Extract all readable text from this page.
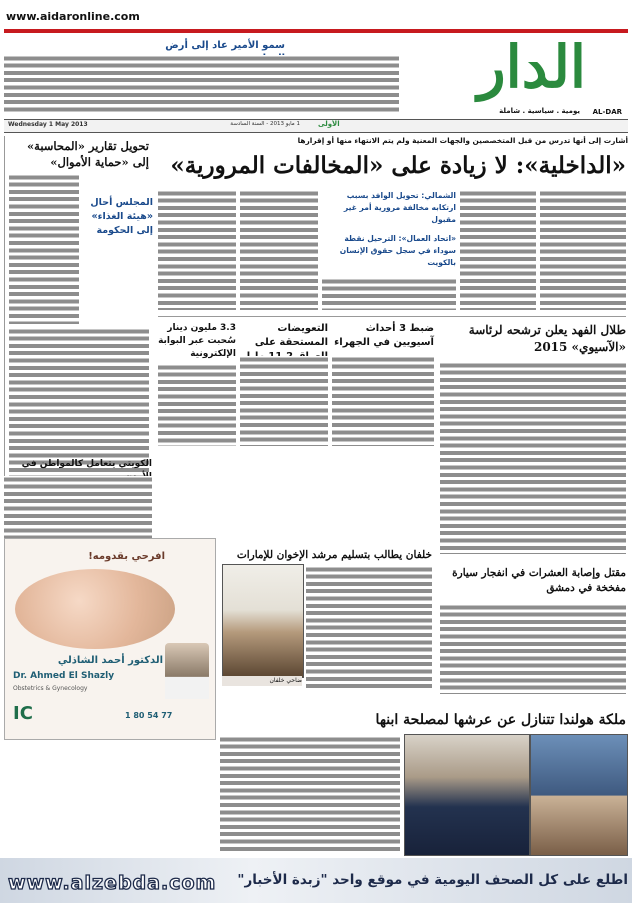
www.aidaronline.com
سمو الأمير عاد إلى أرض	الدار
AL-DAR
يومية . سياسية . شاملة
Wednesday 1 May 2013	1 مايو 2013 - السنة السادسة	الأولى
أشارت إلى أنها تدرس من قبل المتخصصين والجهات المعنية ولم يتم الانتهاء منها أو إقرارها
«الداخلية»: لا زيادة على «المخالفات المرورية»
تحويل تقارير «المحاسبة» إلى «حماية الأموال»
المجلس أحال «هيئة الغذاء» إلى الحكومة
الشمالي: تحويل الوافد بسبب ارتكابه مخالفة مرورية أمر غير مقبول
«اتحاد العمال»: الترحيل نقطة سوداء في سجل حقوق الإنسان بالكويت
طلال الفهد يعلن ترشحه لرئاسة «الآسيوي» 2015
ضبط 3 أحداث آسيويين في الجهراء
التعويضات المستحقة على
3.3 مليون دينار سُحبت عبر البوابة الإلكترونية
الكويتي يتعامل كالمواطن في
خلفان يطالب بتسليم مرشد الإخوان للإمارات
ضاحي خلفان
مقتل وإصابة العشرات في انفجار سيارة مفخخة في دمشق
افرحي بقدومه!
الدكتور أحمد الشاذلي
Dr. Ahmed El Shazly
Obstetrics & Gynecology
IC	1 80 54 77	ملكة هولندا تتنازل عن عرشها لمصلحة ابنها
www.alzebda.com اطلع على كل الصحف اليومية في موقع واحد "زبدة الأخبار"
